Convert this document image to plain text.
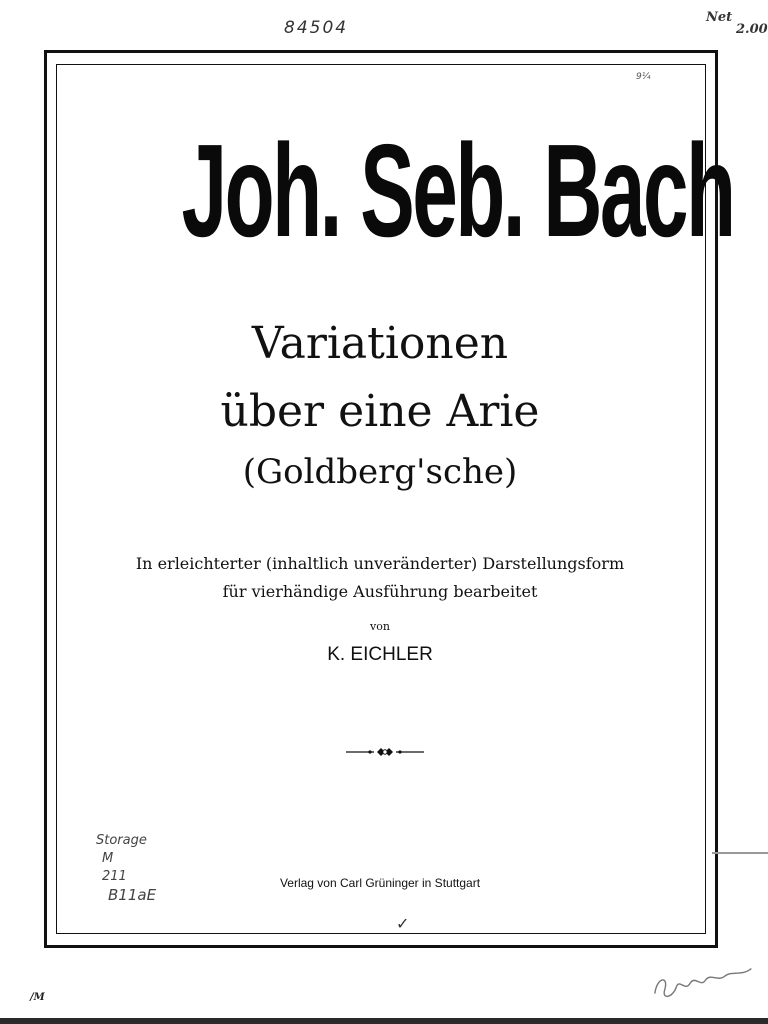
84504
Net
2.00
9¼
Joh. Seb. Bach
Variationen
über eine Arie
(Goldberg'sche)
In erleichterter (inhaltlich unveränderter) Darstellungsform
für vierhändige Ausführung bearbeitet
von
K. EICHLER
Storage
M
211
B11aE
Verlag von Carl Grüninger in Stuttgart
✓
/M
